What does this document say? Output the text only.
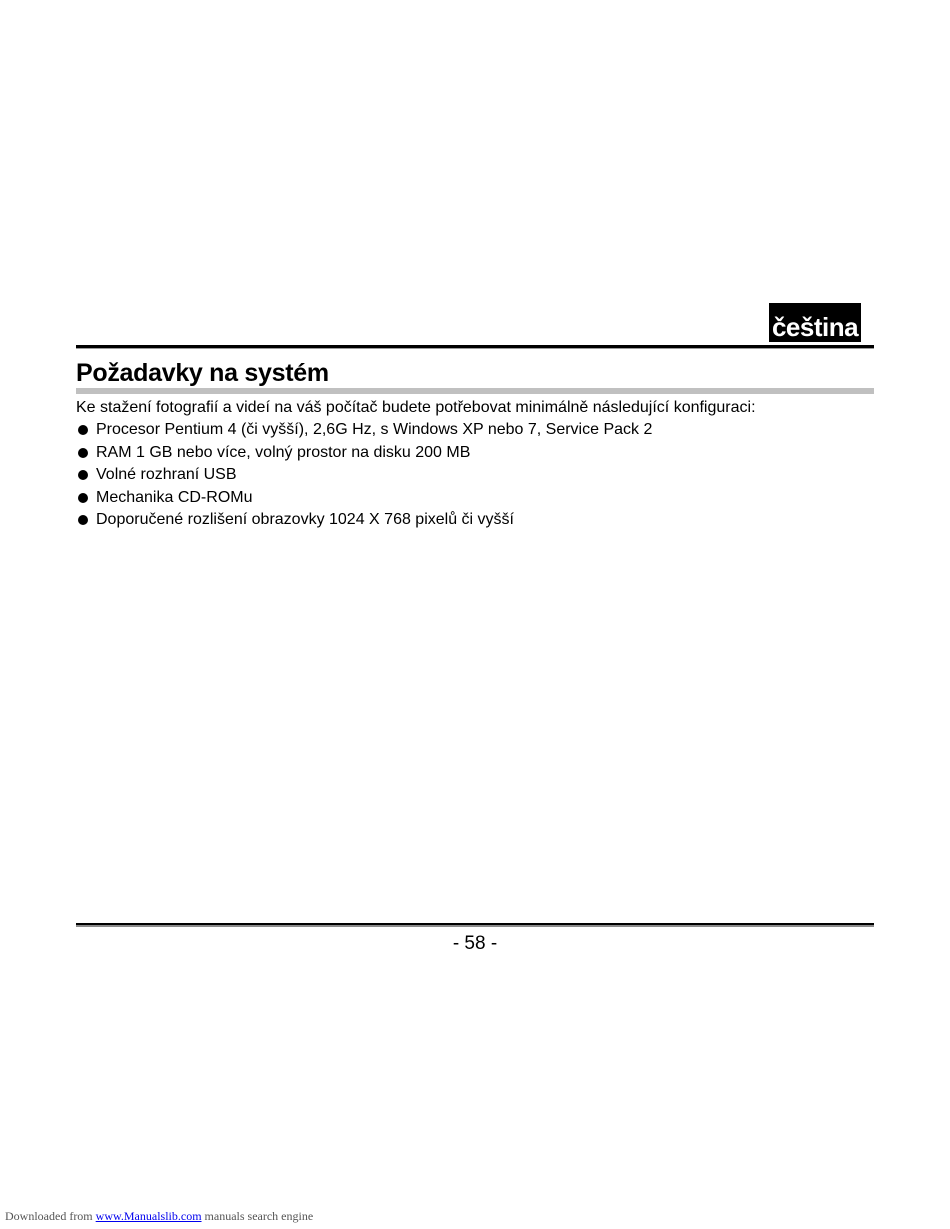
čeština
Požadavky na systém
Ke stažení fotografií a videí na váš počítač budete potřebovat minimálně následující konfiguraci:
Procesor Pentium 4 (či vyšší), 2,6G Hz, s Windows XP nebo 7, Service Pack 2
RAM 1 GB nebo více, volný prostor na disku 200 MB
Volné rozhraní USB
Mechanika CD-ROMu
Doporučené rozlišení obrazovky 1024 X 768 pixelů či vyšší
- 58 -
Downloaded from www.Manualslib.com manuals search engine
